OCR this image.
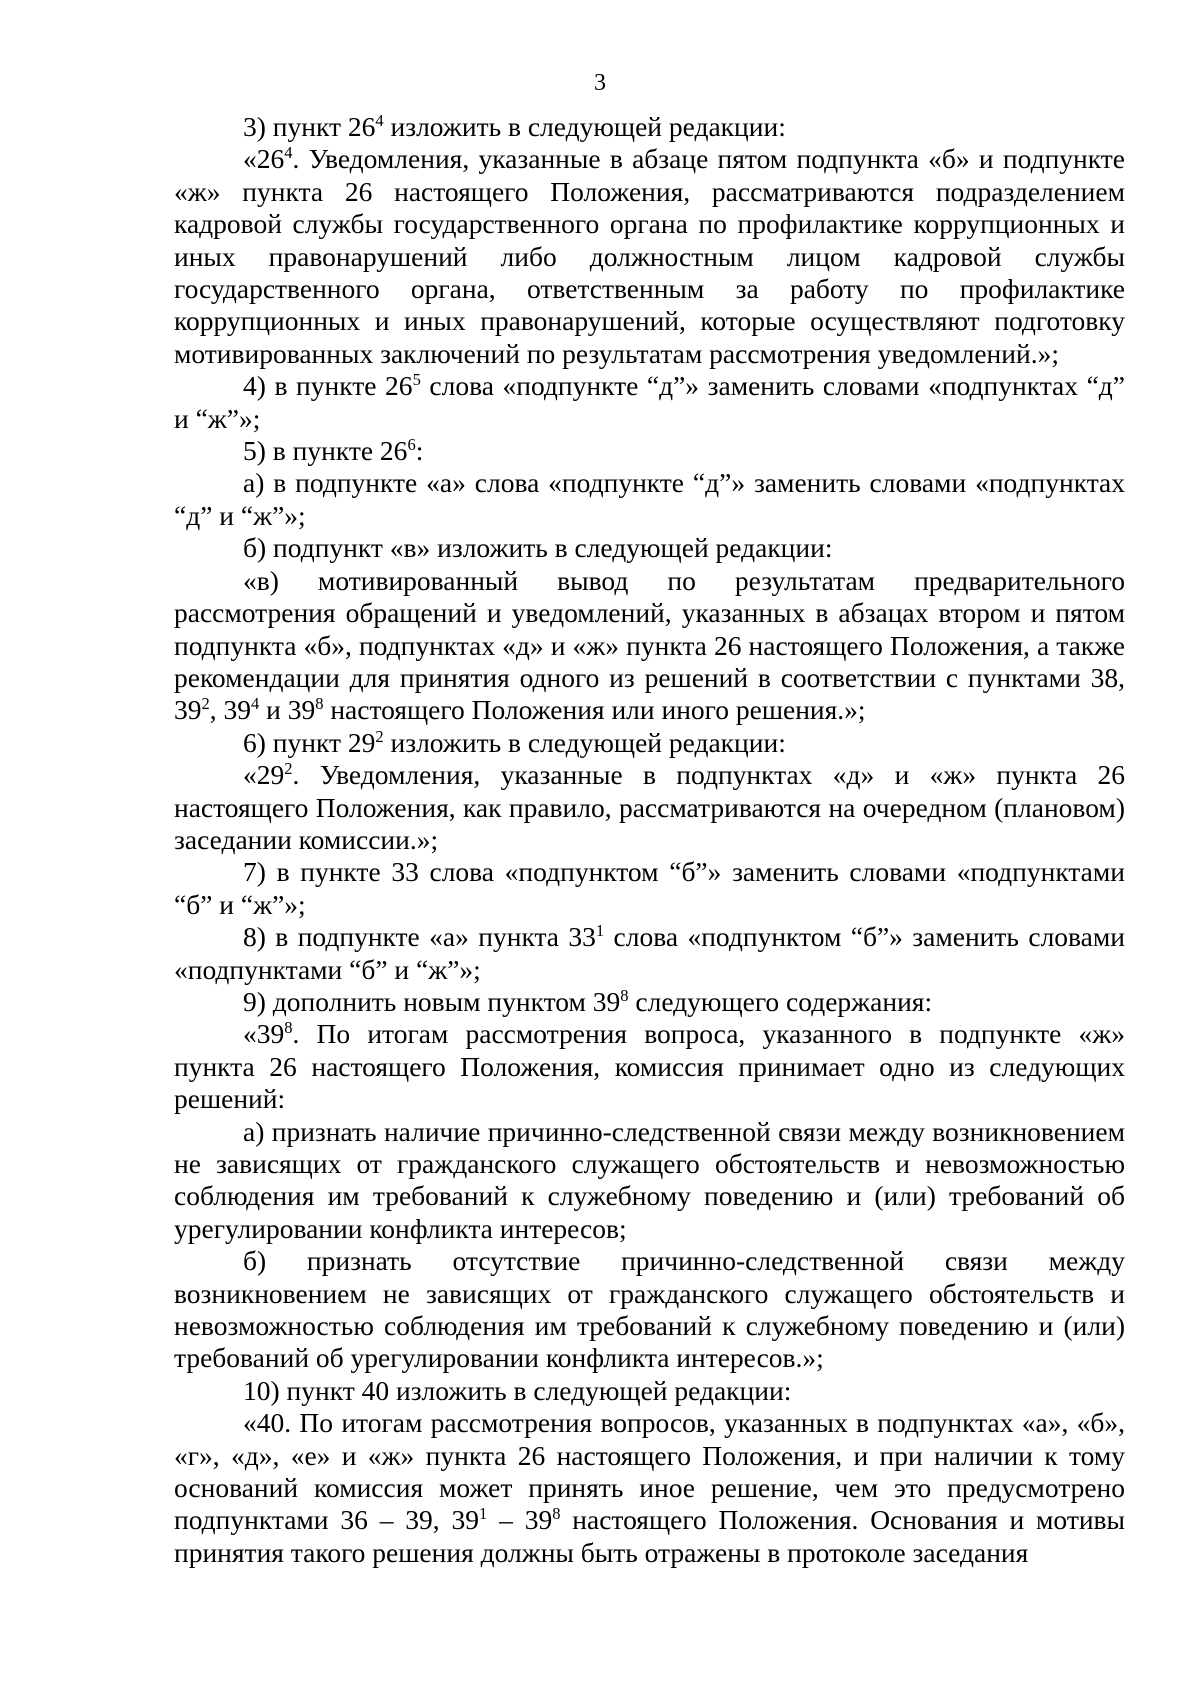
3

3) пункт $26^4$ изложить в следующей редакции:

«$26^4$. Уведомления, указанные в абзаце пятом подпункта «б» и подпункте «ж» пункта 26 настоящего Положения, рассматриваются подразделением кадровой службы государственного органа по профилактике коррупционных и иных правонарушений либо должностным лицом кадровой службы государственного органа, ответственным за работу по профилактике коррупционных и иных правонарушений, которые осуществляют подготовку мотивированных заключений по результатам рассмотрения уведомлений.»;

4) в пункте $26^5$ слова «подпункте “д”» заменить словами «подпунктах “д” и “ж”»;

5) в пункте $26^6$:

а) в подпункте «а» слова «подпункте “д”» заменить словами «подпунктах “д” и “ж”»;

б) подпункт «в» изложить в следующей редакции:

«в) мотивированный вывод по результатам предварительного рассмотрения обращений и уведомлений, указанных в абзацах втором и пятом подпункта «б», подпунктах «д» и «ж» пункта 26 настоящего Положения, а также рекомендации для принятия одного из решений в соответствии с пунктами 38, $39^2$, $39^4$ и $39^8$ настоящего Положения или иного решения.»;

6) пункт $29^2$ изложить в следующей редакции:

«$29^2$. Уведомления, указанные в подпунктах «д» и «ж» пункта 26 настоящего Положения, как правило, рассматриваются на очередном (плановом) заседании комиссии.»;

7) в пункте 33 слова «подпунктом “б”» заменить словами «подпунктами “б” и “ж”»;

8) в подпункте «а» пункта $33^1$ слова «подпунктом “б”» заменить словами «подпунктами “б” и “ж”»;

9) дополнить новым пунктом $39^8$ следующего содержания:

«$39^8$. По итогам рассмотрения вопроса, указанного в подпункте «ж» пункта 26 настоящего Положения, комиссия принимает одно из следующих решений:

а) признать наличие причинно-следственной связи между возникновением не зависящих от гражданского служащего обстоятельств и невозможностью соблюдения им требований к служебному поведению и (или) требований об урегулировании конфликта интересов;

б) признать отсутствие причинно-следственной связи между возникновением не зависящих от гражданского служащего обстоятельств и невозможностью соблюдения им требований к служебному поведению и (или) требований об урегулировании конфликта интересов.»;

10) пункт 40 изложить в следующей редакции:

«40. По итогам рассмотрения вопросов, указанных в подпунктах «а», «б», «г», «д», «е» и «ж» пункта 26 настоящего Положения, и при наличии к тому оснований комиссия может принять иное решение, чем это предусмотрено подпунктами 36 – 39, $39^1 - 39^8$ настоящего Положения. Основания и мотивы принятия такого решения должны быть отражены в протоколе заседания
